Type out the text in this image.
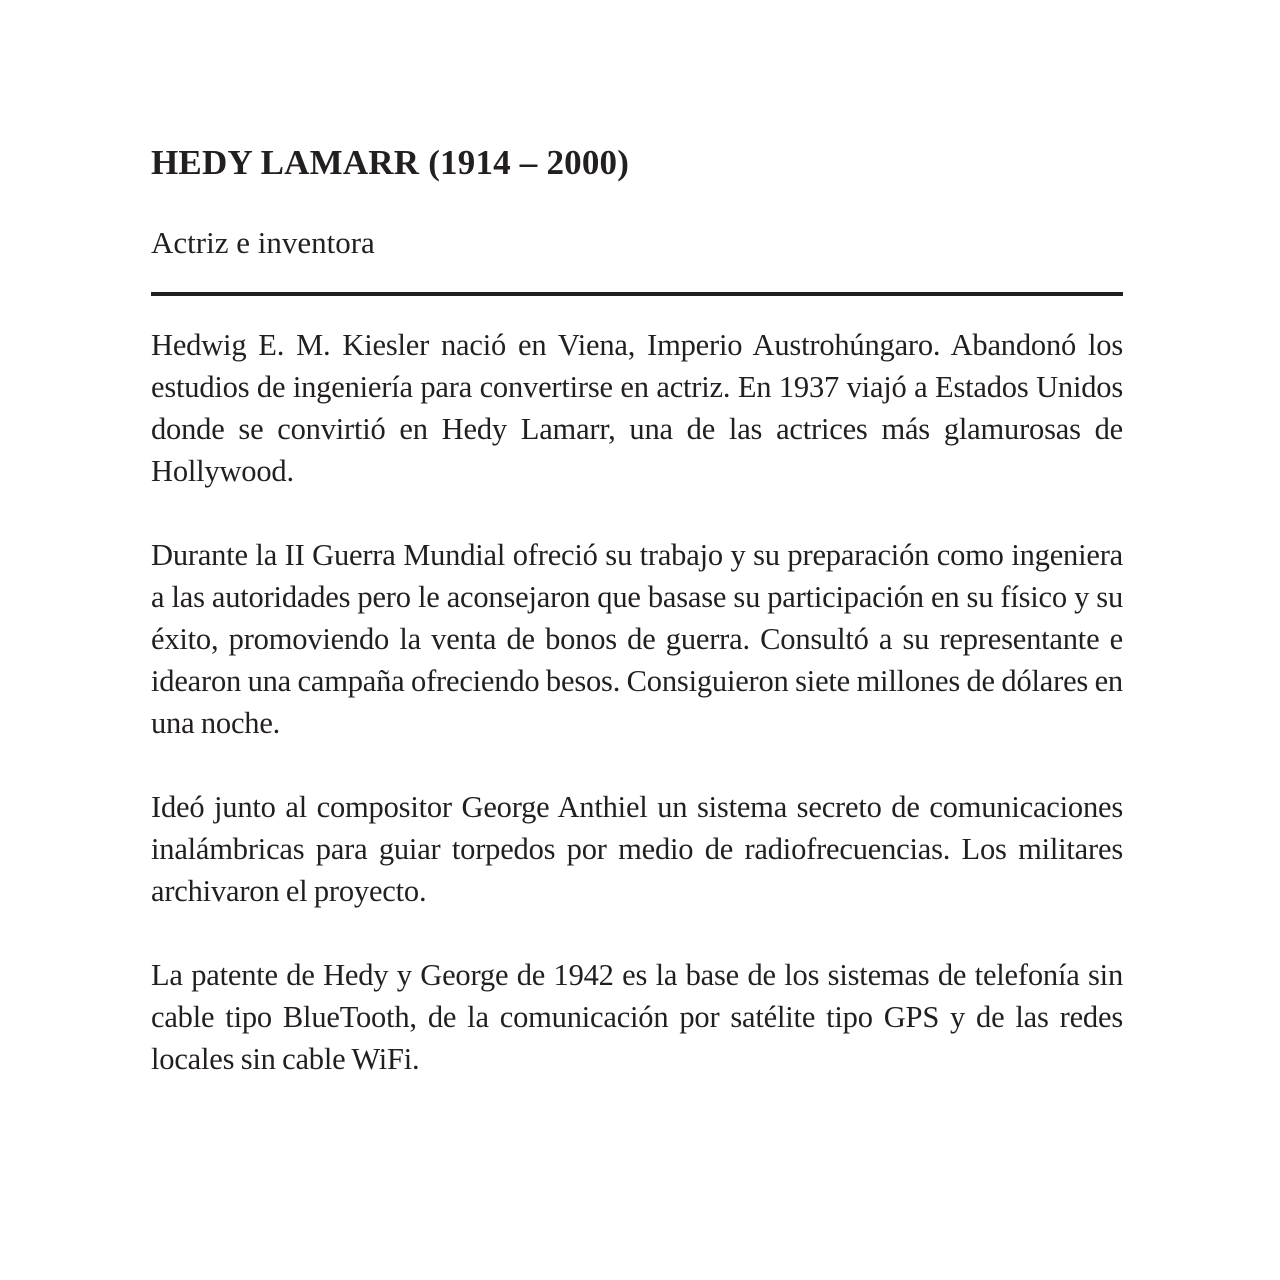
HEDY LAMARR (1914 – 2000)

Actriz e inventora

Hedwig E. M. Kiesler nació en Viena, Imperio Austrohúngaro. Abandonó los estudios de ingeniería para convertirse en actriz. En 1937 viajó a Estados Unidos donde se convirtió en Hedy Lamarr, una de las actrices más glamurosas de Hollywood.

Durante la II Guerra Mundial ofreció su trabajo y su preparación como ingeniera a las autoridades pero le aconsejaron que basase su participación en su físico y su éxito, promoviendo la venta de bonos de guerra. Consultó a su representante e idearon una campaña ofreciendo besos. Consiguieron siete millones de dólares en una noche.

Ideó junto al compositor George Anthiel un sistema secreto de comunicaciones inalámbricas para guiar torpedos por medio de radiofrecuencias. Los militares archivaron el proyecto.

La patente de Hedy y George de 1942 es la base de los sistemas de telefonía sin cable tipo BlueTooth, de la comunicación por satélite tipo GPS y de las redes locales sin cable WiFi.
